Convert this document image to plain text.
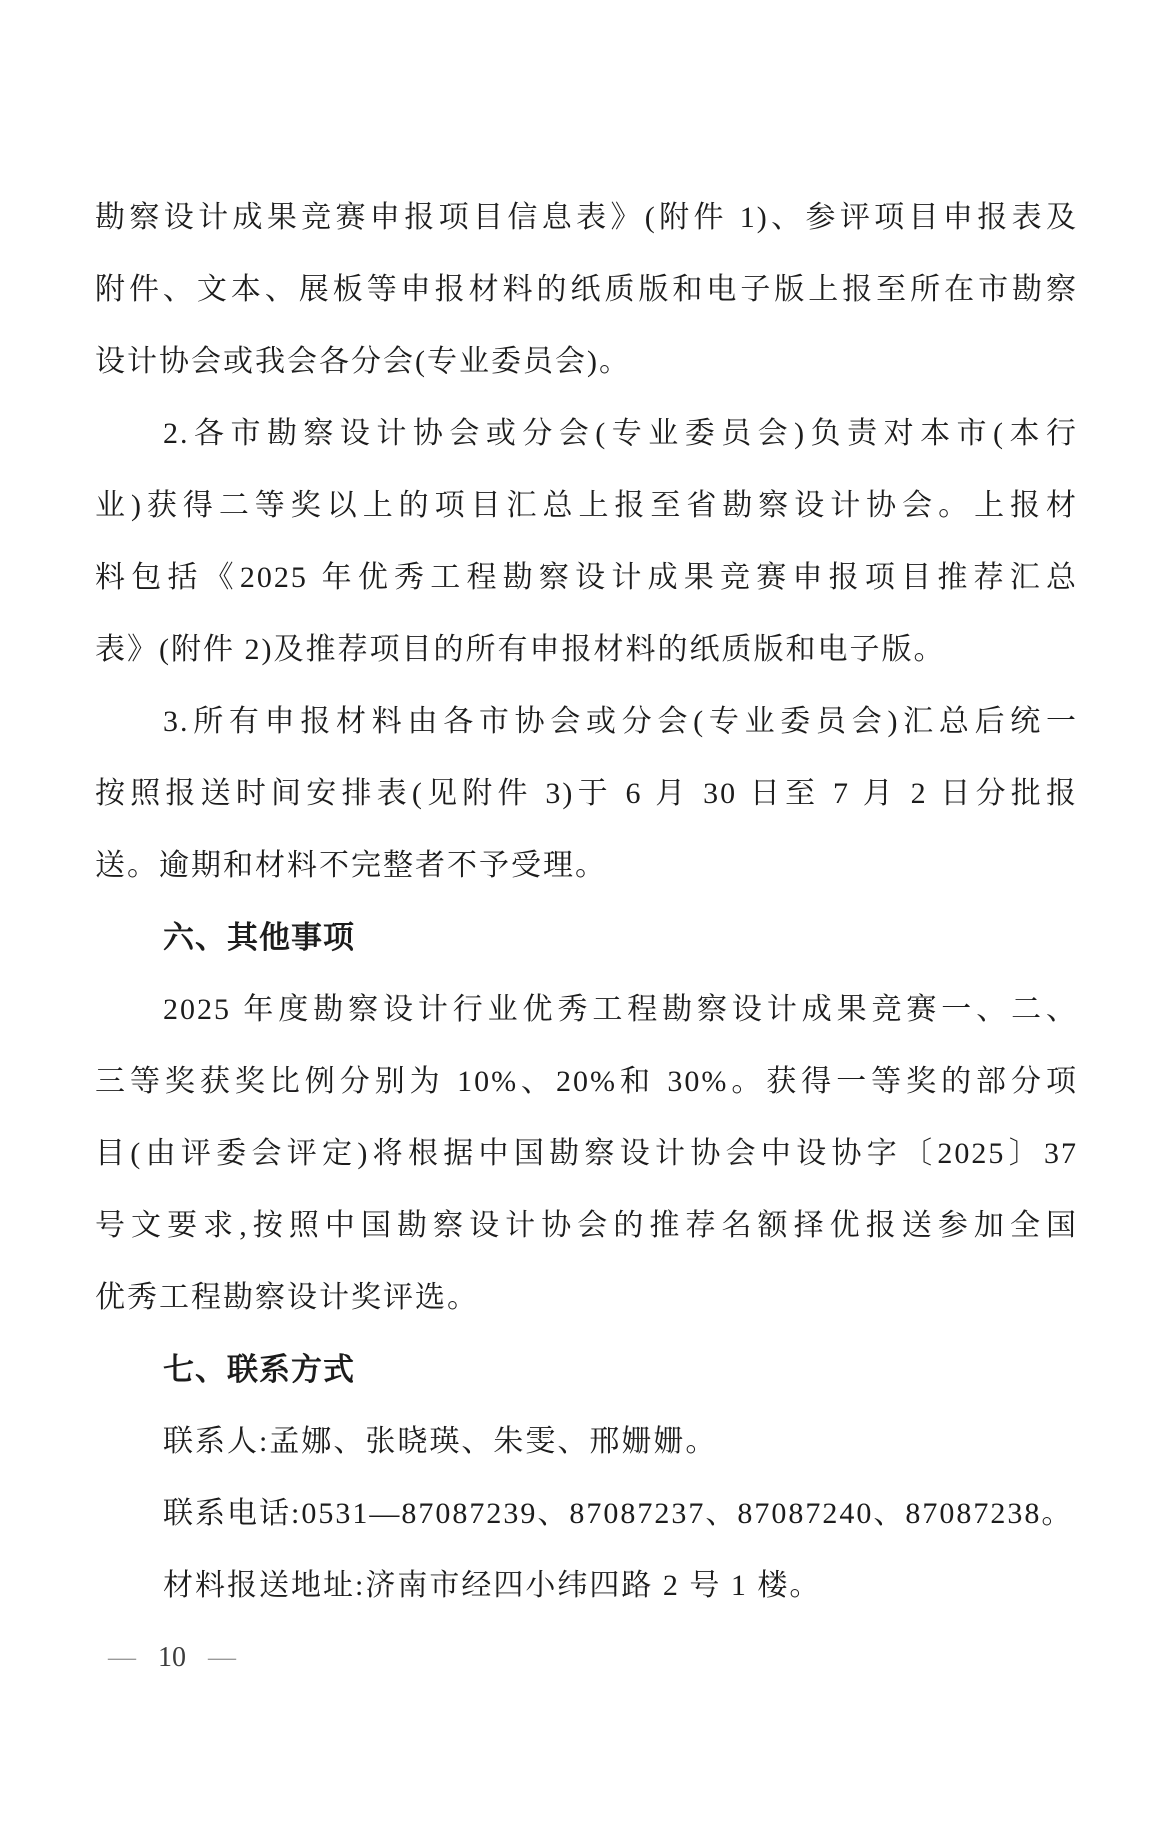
勘察设计成果竞赛申报项目信息表》(附件 1)、参评项目申报表及
附件、文本、展板等申报材料的纸质版和电子版上报至所在市勘察
设计协会或我会各分会(专业委员会)。
2.各市勘察设计协会或分会(专业委员会)负责对本市(本行
业)获得二等奖以上的项目汇总上报至省勘察设计协会。上报材
料包括《2025 年优秀工程勘察设计成果竞赛申报项目推荐汇总
表》(附件 2)及推荐项目的所有申报材料的纸质版和电子版。
3.所有申报材料由各市协会或分会(专业委员会)汇总后统一
按照报送时间安排表(见附件 3)于 6 月 30 日至 7 月 2 日分批报
送。逾期和材料不完整者不予受理。
六、其他事项
2025 年度勘察设计行业优秀工程勘察设计成果竞赛一、二、
三等奖获奖比例分别为 10%、20%和 30%。获得一等奖的部分项
目(由评委会评定)将根据中国勘察设计协会中设协字〔2025〕37
号文要求,按照中国勘察设计协会的推荐名额择优报送参加全国
优秀工程勘察设计奖评选。
七、联系方式
联系人:孟娜、张晓瑛、朱雯、邢姗姗。
联系电话:0531—87087239、87087237、87087240、87087238。
材料报送地址:济南市经四小纬四路 2 号 1 楼。
— 10 —
